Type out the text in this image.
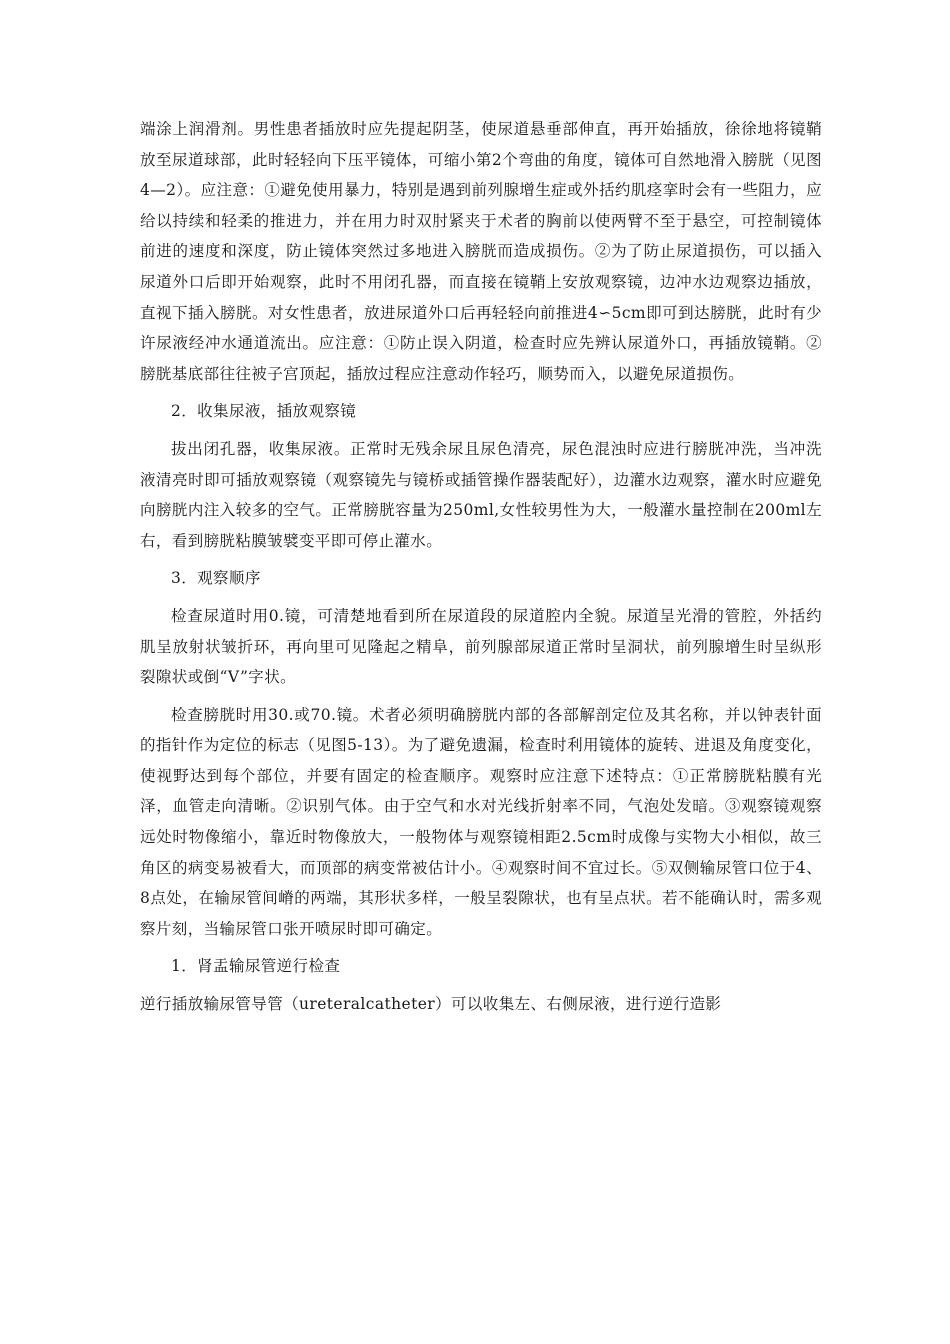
端涂上润滑剂。男性患者插放时应先提起阴茎，使尿道悬垂部伸直，再开始插放，徐徐地将镜鞘放至尿道球部，此时轻轻向下压平镜体，可缩小第2个弯曲的角度，镜体可自然地滑入膀胱（见图4—2）。应注意：①避免使用暴力，特别是遇到前列腺增生症或外括约肌痉挛时会有一些阻力，应给以持续和轻柔的推进力，并在用力时双肘紧夹于术者的胸前以使两臂不至于悬空，可控制镜体前进的速度和深度，防止镜体突然过多地进入膀胱而造成损伤。②为了防止尿道损伤，可以插入尿道外口后即开始观察，此时不用闭孔器，而直接在镜鞘上安放观察镜，边冲水边观察边插放，直视下插入膀胱。对女性患者，放进尿道外口后再轻轻向前推进4∽5cm即可到达膀胱，此时有少许尿液经冲水通道流出。应注意：①防止误入阴道，检查时应先辨认尿道外口，再插放镜鞘。②膀胱基底部往往被子宫顶起，插放过程应注意动作轻巧，顺势而入，以避免尿道损伤。

2．收集尿液，插放观察镜

拔出闭孔器，收集尿液。正常时无残余尿且尿色清亮，尿色混浊时应进行膀胱冲洗，当冲洗液清亮时即可插放观察镜（观察镜先与镜桥或插管操作器装配好），边灌水边观察，灌水时应避免向膀胱内注入较多的空气。正常膀胱容量为250ml,女性较男性为大，一般灌水量控制在200ml左右，看到膀胱粘膜皱襞变平即可停止灌水。

3．观察顺序

检查尿道时用0.镜，可清楚地看到所在尿道段的尿道腔内全貌。尿道呈光滑的管腔，外括约肌呈放射状皱折环，再向里可见隆起之精阜，前列腺部尿道正常时呈洞状，前列腺增生时呈纵形裂隙状或倒“V”字状。

检查膀胱时用30.或70.镜。术者必须明确膀胱内部的各部解剖定位及其名称，并以钟表针面的指针作为定位的标志（见图5-13）。为了避免遗漏，检查时利用镜体的旋转、进退及角度变化，使视野达到每个部位，并要有固定的检查顺序。观察时应注意下述特点：①正常膀胱粘膜有光泽，血管走向清晰。②识别气体。由于空气和水对光线折射率不同，气泡处发暗。③观察镜观察远处时物像缩小，靠近时物像放大，一般物体与观察镜相距2.5cm时成像与实物大小相似，故三角区的病变易被看大，而顶部的病变常被估计小。④观察时间不宜过长。⑤双侧输尿管口位于4、8点处，在输尿管间嵴的两端，其形状多样，一般呈裂隙状，也有呈点状。若不能确认时，需多观察片刻，当输尿管口张开喷尿时即可确定。

1．肾盂输尿管逆行检查

逆行插放输尿管导管（ureteralcatheter）可以收集左、右侧尿液，进行逆行造影
